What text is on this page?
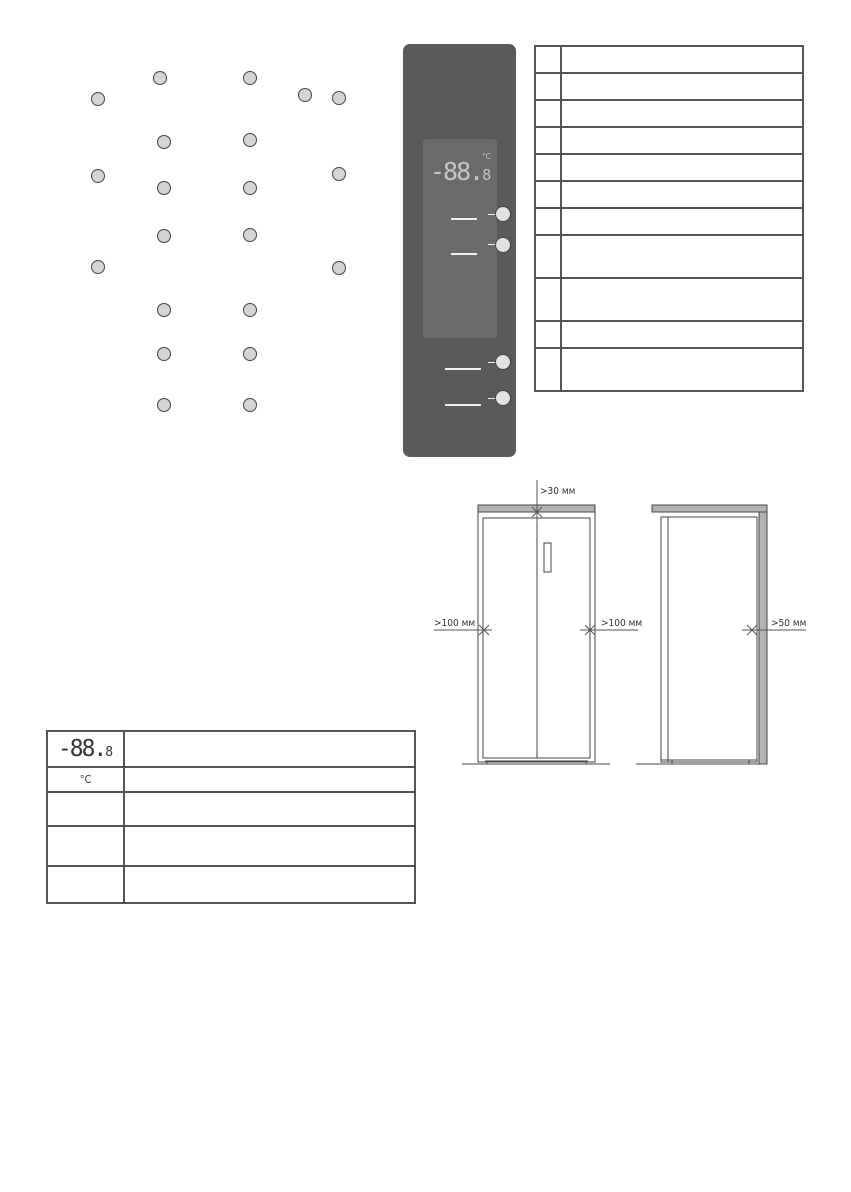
-88.8
°C

-88.8	
°C	

>30 мм
>100 мм	>100 мм	>50 мм
